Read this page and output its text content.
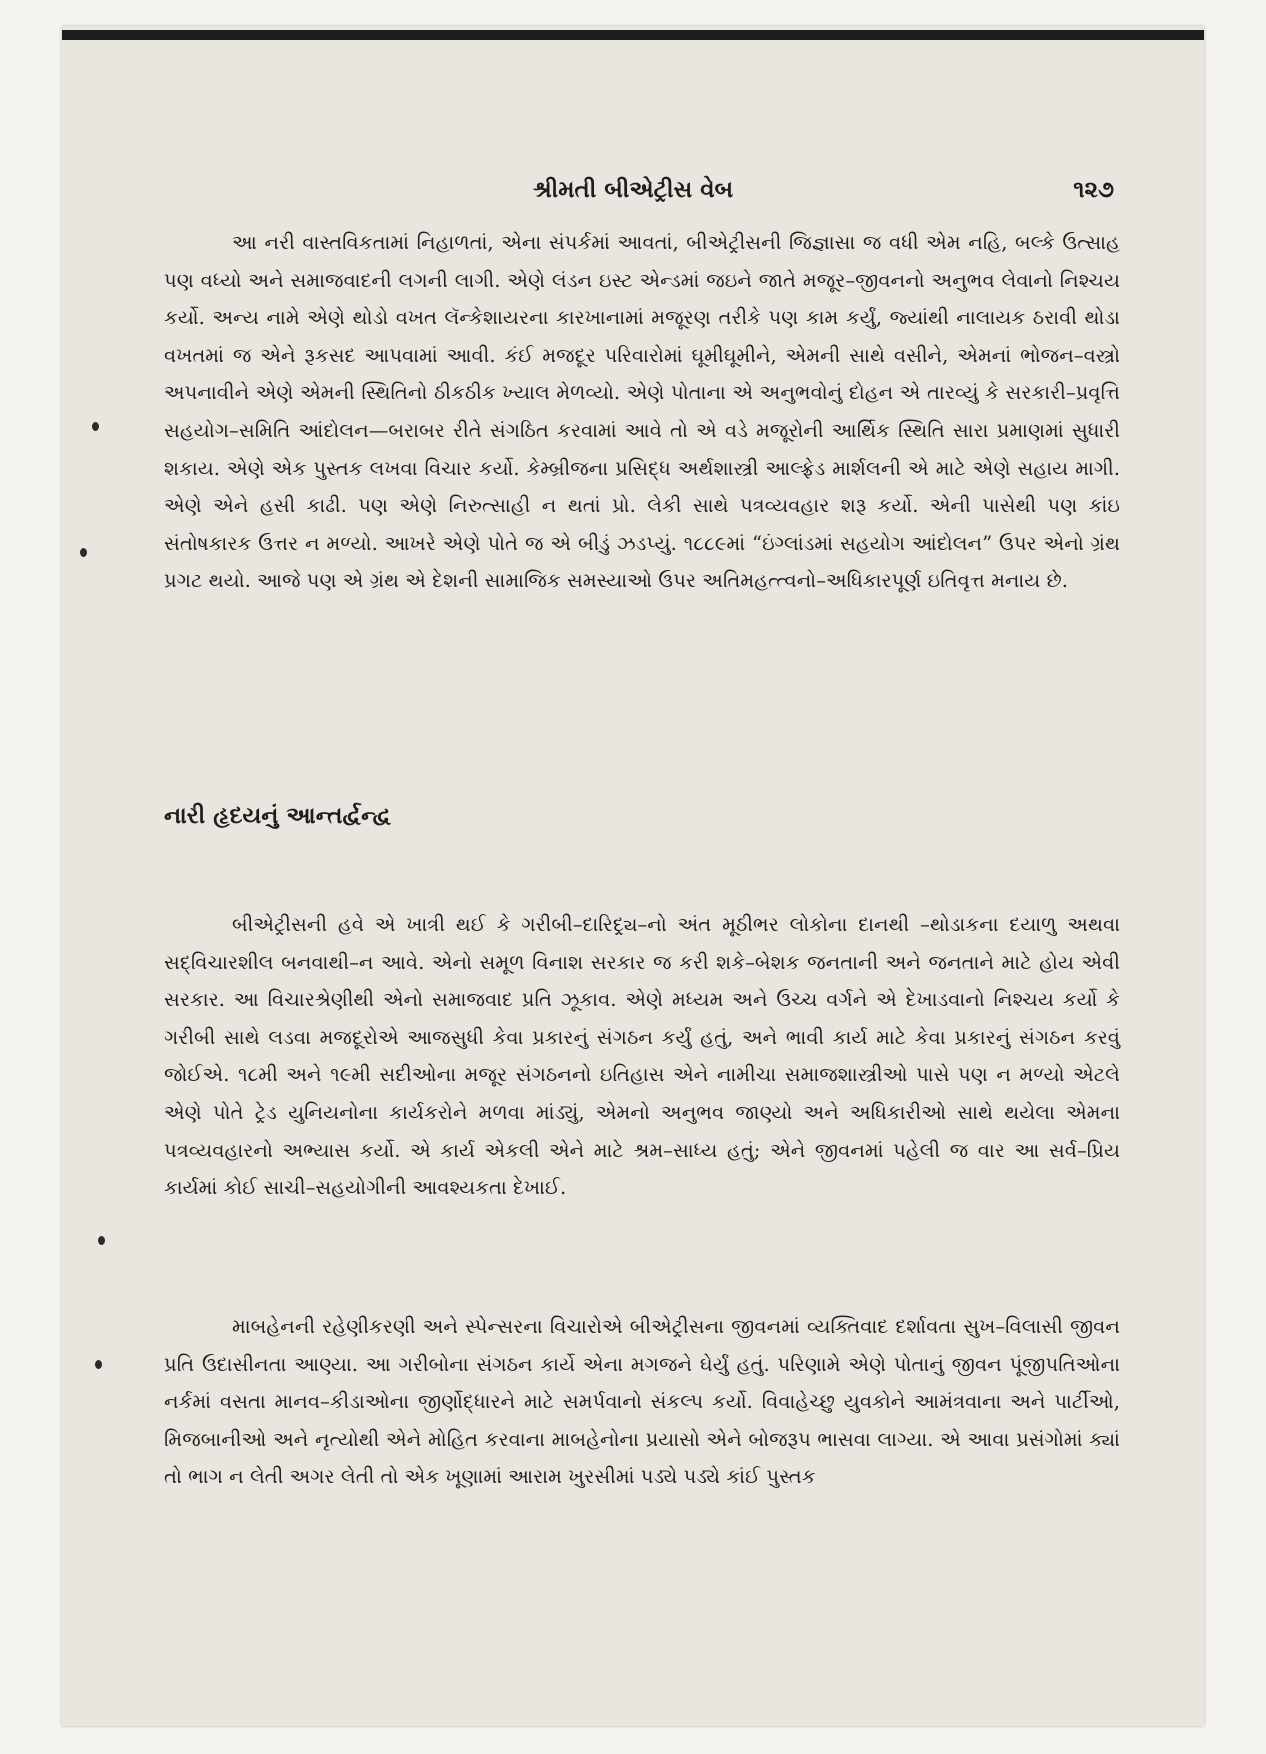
શ્રીમતી બીએટ્રીસ વેબ	૧૨૭

આ નરી વાસ્તવિકતામાં નિહાળતાં, એના સંપર્કમાં આવતાં, બીએટ્રીસની જિજ્ઞાસા જ વધી એમ નહિ, બલ્કે ઉત્સાહ પણ વધ્યો અને સમાજવાદની લગની લાગી. એણે લંડન ઇસ્ટ એન્ડમાં જઇને જાતે મજૂર–જીવનનો અનુભવ લેવાનો નિશ્ચય કર્યો. અન્ય નામે એણે થોડો વખત લૅન્કેશાયરના કારખાનામાં મજૂરણ તરીકે પણ કામ કર્યું, જ્યાંથી નાલાયક ઠરાવી થોડા વખતમાં જ એને રૂકસદ આપવામાં આવી. કંઈ મજદૂર પરિવારોમાં ઘૂમીઘૂમીને, એમની સાથે વસીને, એમનાં ભોજન–વસ્ત્રો અપનાવીને એણે એમની સ્થિતિનો ઠીકઠીક ખ્યાલ મેળવ્યો. એણે પોતાના એ અનુભવોનું દોહન એ તારવ્યું કે સરકારી–પ્રવૃત્તિ સહયોગ–સમિતિ આંદોલન—બરાબર રીતે સંગઠિત કરવામાં આવે તો એ વડે મજૂરોની આર્થિક સ્થિતિ સારા પ્રમાણમાં સુધારી શકાય. એણે એક પુસ્તક લખવા વિચાર કર્યો. કેમ્બ્રીજના પ્રસિદ્ધ અર્થશાસ્ત્રી આલ્ફ્રેડ માર્શલની એ માટે એણે સહાય માગી. એણે એને હસી કાઢી. પણ એણે નિરુત્સાહી ન થતાં પ્રો. લેકી સાથે પત્રવ્યવહાર શરૂ કર્યો. એની પાસેથી પણ કાંઇ સંતોષકારક ઉત્તર ન મળ્યો. આખરે એણે પોતે જ એ બીડું ઝડપ્યું. ૧૮૮૯માં “ઇંગ્લાંડમાં સહયોગ આંદોલન” ઉપર એનો ગ્રંથ પ્રગટ થયો. આજે પણ એ ગ્રંથ એ દેશની સામાજિક સમસ્યાઓ ઉપર અતિમહત્ત્વનો–અધિકારપૂર્ણ ઇતિવૃત્ત મનાય છે.

નારી હૃદયનું આન્તર્દ્વન્દ્વ

બીએટ્રીસની હવે એ ખાત્રી થઈ કે ગરીબી–દારિદ્ર્ય–નો અંત મૂઠીભર લોકોના દાનથી –થોડાકના દયાળુ અથવા સદ્‌વિચારશીલ બનવાથી–ન આવે. એનો સમૂળ વિનાશ સરકાર જ કરી શકે–બેશક જનતાની અને જનતાને માટે હોય એવી સરકાર. આ વિચારશ્રેણીથી એનો સમાજવાદ પ્રતિ ઝૂકાવ. એણે મધ્યમ અને ઉચ્ચ વર્ગને એ દેખાડવાનો નિશ્ચય કર્યો કે ગરીબી સાથે લડવા મજદૂરોએ આજસુધી કેવા પ્રકારનું સંગઠન કર્યું હતું, અને ભાવી કાર્ય માટે કેવા પ્રકારનું સંગઠન કરવું જોઈએ. ૧૮મી અને ૧૯મી સદીઓના મજૂર સંગઠનનો ઇતિહાસ એને નામીચા સમાજશાસ્ત્રીઓ પાસે પણ ન મળ્યો એટલે એણે પોતે ટ્રેડ યુનિયનોના કાર્યકરોને મળવા માંડ્યું, એમનો અનુભવ જાણ્યો અને અધિકારીઓ સાથે થયેલા એમના પત્રવ્યવહારનો અભ્યાસ કર્યો. એ કાર્ય એકલી એને માટે શ્રમ–સાધ્ય હતું; એને જીવનમાં પહેલી જ વાર આ સર્વ–પ્રિય કાર્યમાં કોઈ સાચી–સહયોગીની આવશ્યકતા દેખાઈ.

માબહેનની રહેણીકરણી અને સ્પેન્સરના વિચારોએ બીએટ્રીસના જીવનમાં વ્યક્તિવાદ દર્શાવતા સુખ–વિલાસી જીવન પ્રતિ ઉદાસીનતા આણ્યા. આ ગરીબોના સંગઠન કાર્યે એના મગજને ઘેર્યું હતું. પરિણામે એણે પોતાનું જીવન પૂંજીપતિઓના નર્કમાં વસતા માનવ–કીડાઓના જીર્ણોદ્ધારને માટે સમર્પવાનો સંકલ્પ કર્યો. વિવાહેચ્છુ યુવકોને આમંત્રવાના અને પાર્ટીઓ, મિજબાનીઓ અને નૃત્યોથી એને મોહિત કરવાના માબહેનોના પ્રયાસો એને બોજરૂપ ભાસવા લાગ્યા. એ આવા પ્રસંગોમાં ક્યાં તો ભાગ ન લેતી અગર લેતી તો એક ખૂણામાં આરામ ખુરસીમાં પડ્યે પડ્યે કાંઈ પુસ્તક
